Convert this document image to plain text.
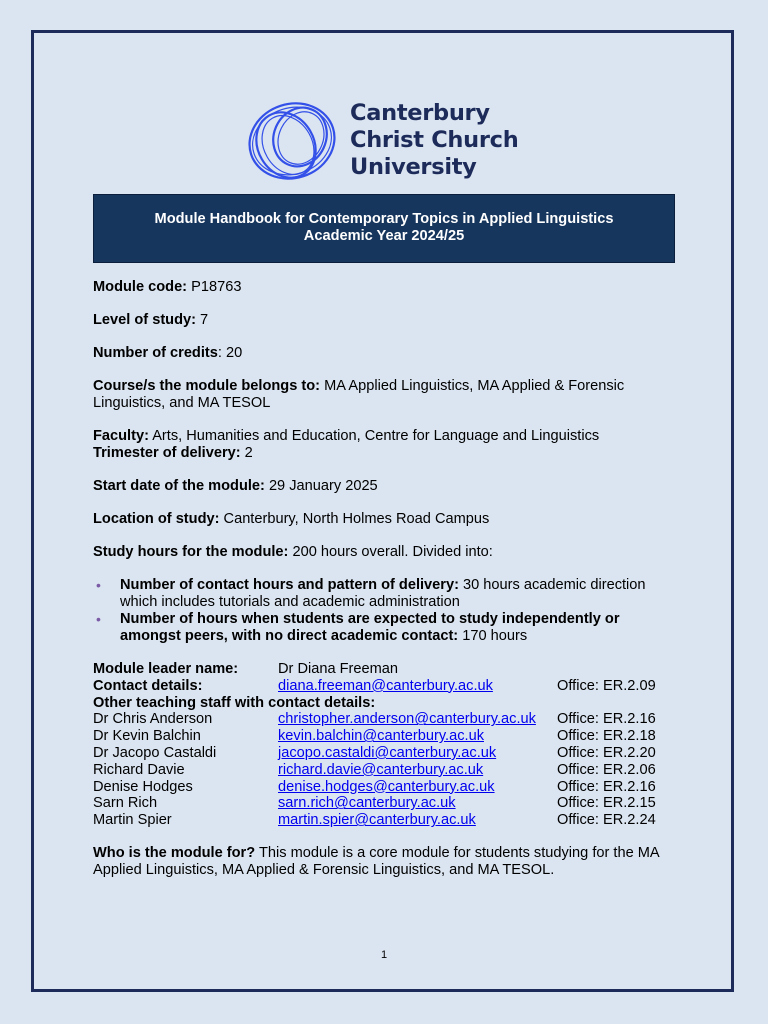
Canterbury
Christ Church
University
Module Handbook for Contemporary Topics in Applied Linguistics
Academic Year 2024/25

Module code: P18763

Level of study: 7

Number of credits: 20

Course/s the module belongs to: MA Applied Linguistics, MA Applied & Forensic Linguistics, and MA TESOL

Faculty: Arts, Humanities and Education, Centre for Language and Linguistics

Trimester of delivery: 2

Start date of the module: 29 January 2025

Location of study: Canterbury, North Holmes Road Campus

Study hours for the module: 200 hours overall. Divided into:

• Number of contact hours and pattern of delivery: 30 hours academic direction which includes tutorials and academic administration
• Number of hours when students are expected to study independently or amongst peers, with no direct academic contact: 170 hours
Module leader name:	Dr Diana Freeman	
Contact details:	diana.freeman@canterbury.ac.uk	Office: ER.2.09
Other teaching staff with contact details:		
Dr Chris Anderson	christopher.anderson@canterbury.ac.uk	Office: ER.2.16
Dr Kevin Balchin	kevin.balchin@canterbury.ac.uk	Office: ER.2.18
Dr Jacopo Castaldi	jacopo.castaldi@canterbury.ac.uk	Office: ER.2.20
Richard Davie	richard.davie@canterbury.ac.uk	Office: ER.2.06
Denise Hodges	denise.hodges@canterbury.ac.uk	Office: ER.2.16
Sarn Rich	sarn.rich@canterbury.ac.uk	Office: ER.2.15
Martin Spier	martin.spier@canterbury.ac.uk	Office: ER.2.24

Who is the module for? This module is a core module for students studying for the MA Applied Linguistics, MA Applied & Forensic Linguistics, and MA TESOL.

1
